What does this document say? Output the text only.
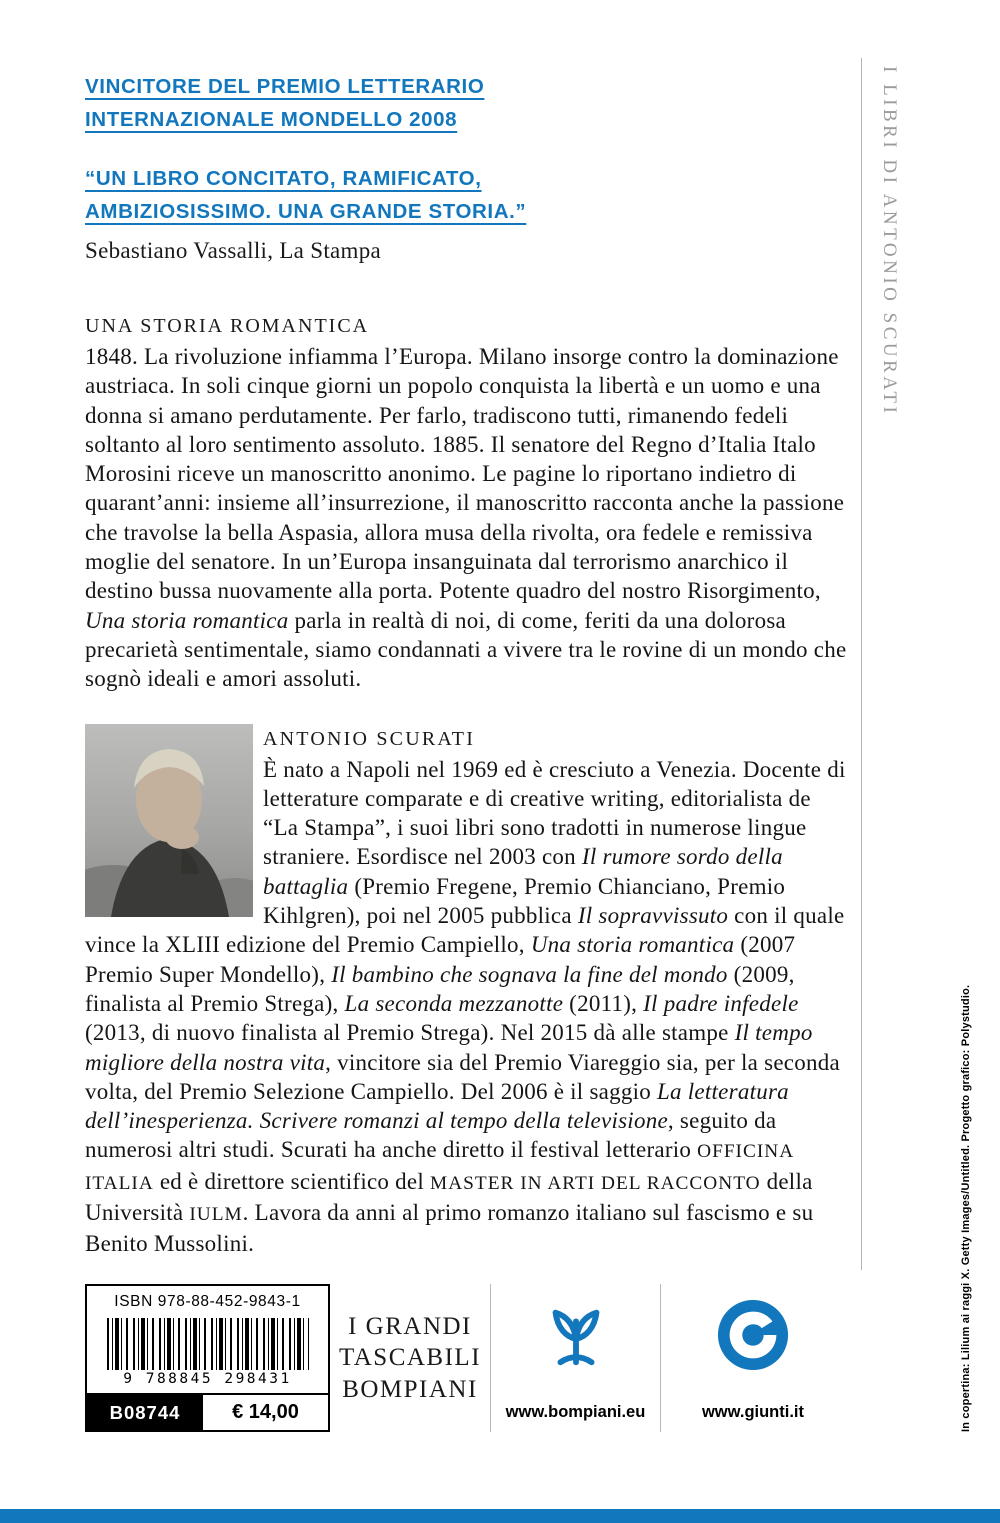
VINCITORE DEL PREMIO LETTERARIO
INTERNAZIONALE MONDELLO 2008
“UN LIBRO CONCITATO, RAMIFICATO,
AMBIZIOSISSIMO. UNA GRANDE STORIA.”
Sebastiano Vassalli, La Stampa
UNA STORIA ROMANTICA

1848. La rivoluzione infiamma l’Europa. Milano insorge contro la dominazione austriaca. In soli cinque giorni un popolo conquista la libertà e un uomo e una donna si amano perdutamente. Per farlo, tradiscono tutti, rimanendo fedeli soltanto al loro sentimento assoluto. 1885. Il senatore del Regno d’Italia Italo Morosini riceve un manoscritto anonimo. Le pagine lo riportano indietro di quarant’anni: insieme all’insurrezione, il manoscritto racconta anche la passione che travolse la bella Aspasia, allora musa della rivolta, ora fedele e remissiva moglie del senatore. In un’Europa insanguinata dal terrorismo anarchico il destino bussa nuovamente alla porta. Potente quadro del nostro Risorgimento, Una storia romantica parla in realtà di noi, di come, feriti da una dolorosa precarietà sentimentale, siamo condannati a vivere tra le rovine di un mondo che sognò ideali e amori assoluti.

ANTONIO SCURATI
È nato a Napoli nel 1969 ed è cresciuto a Venezia. Docente di letterature comparate e di creative writing, editorialista de “La Stampa”, i suoi libri sono tradotti in numerose lingue straniere. Esordisce nel 2003 con Il rumore sordo della battaglia (Premio Fregene, Premio Chianciano, Premio Kihlgren), poi nel 2005 pubblica Il sopravvissuto con il quale vince la XLIII edizione del Premio Campiello, Una storia romantica (2007 Premio Super Mondello), Il bambino che sognava la fine del mondo (2009, finalista al Premio Strega), La seconda mezzanotte (2011), Il padre infedele (2013, di nuovo finalista al Premio Strega). Nel 2015 dà alle stampe Il tempo migliore della nostra vita, vincitore sia del Premio Viareggio sia, per la seconda volta, del Premio Selezione Campiello. Del 2006 è il saggio La letteratura dell’inesperienza. Scrivere romanzi al tempo della televisione, seguito da numerosi altri studi. Scurati ha anche diretto il festival letterario OFFICINA ITALIA ed è direttore scientifico del MASTER IN ARTI DEL RACCONTO della Università IULM. Lavora da anni al primo romanzo italiano sul fascismo e su Benito Mussolini.

I LIBRI DI ANTONIO SCURATI
In copertina: Lilium ai raggi X. Getty Images/Untitled. Progetto grafico: Polystudio.
ISBN 978-88-452-9843-1
9 788845 298431
B08744	€ 14,00
I GRANDI
TASCABILI
BOMPIANI
www.bompiani.eu	www.giunti.it
